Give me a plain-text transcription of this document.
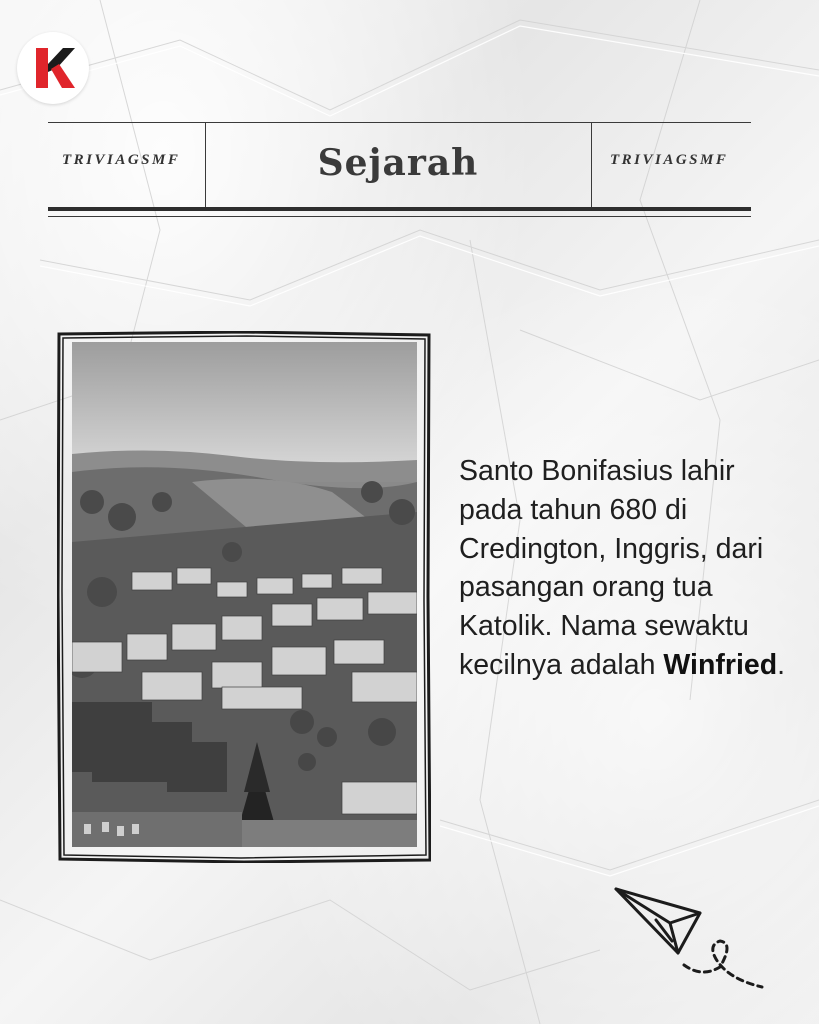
TRIVIAGSMF	Sejarah	TRIVIAGSMF
Santo Bonifasius lahir pada tahun 680 di Credington, Inggris, dari pasangan orang tua Katolik. Nama sewaktu kecilnya adalah Winfried.
